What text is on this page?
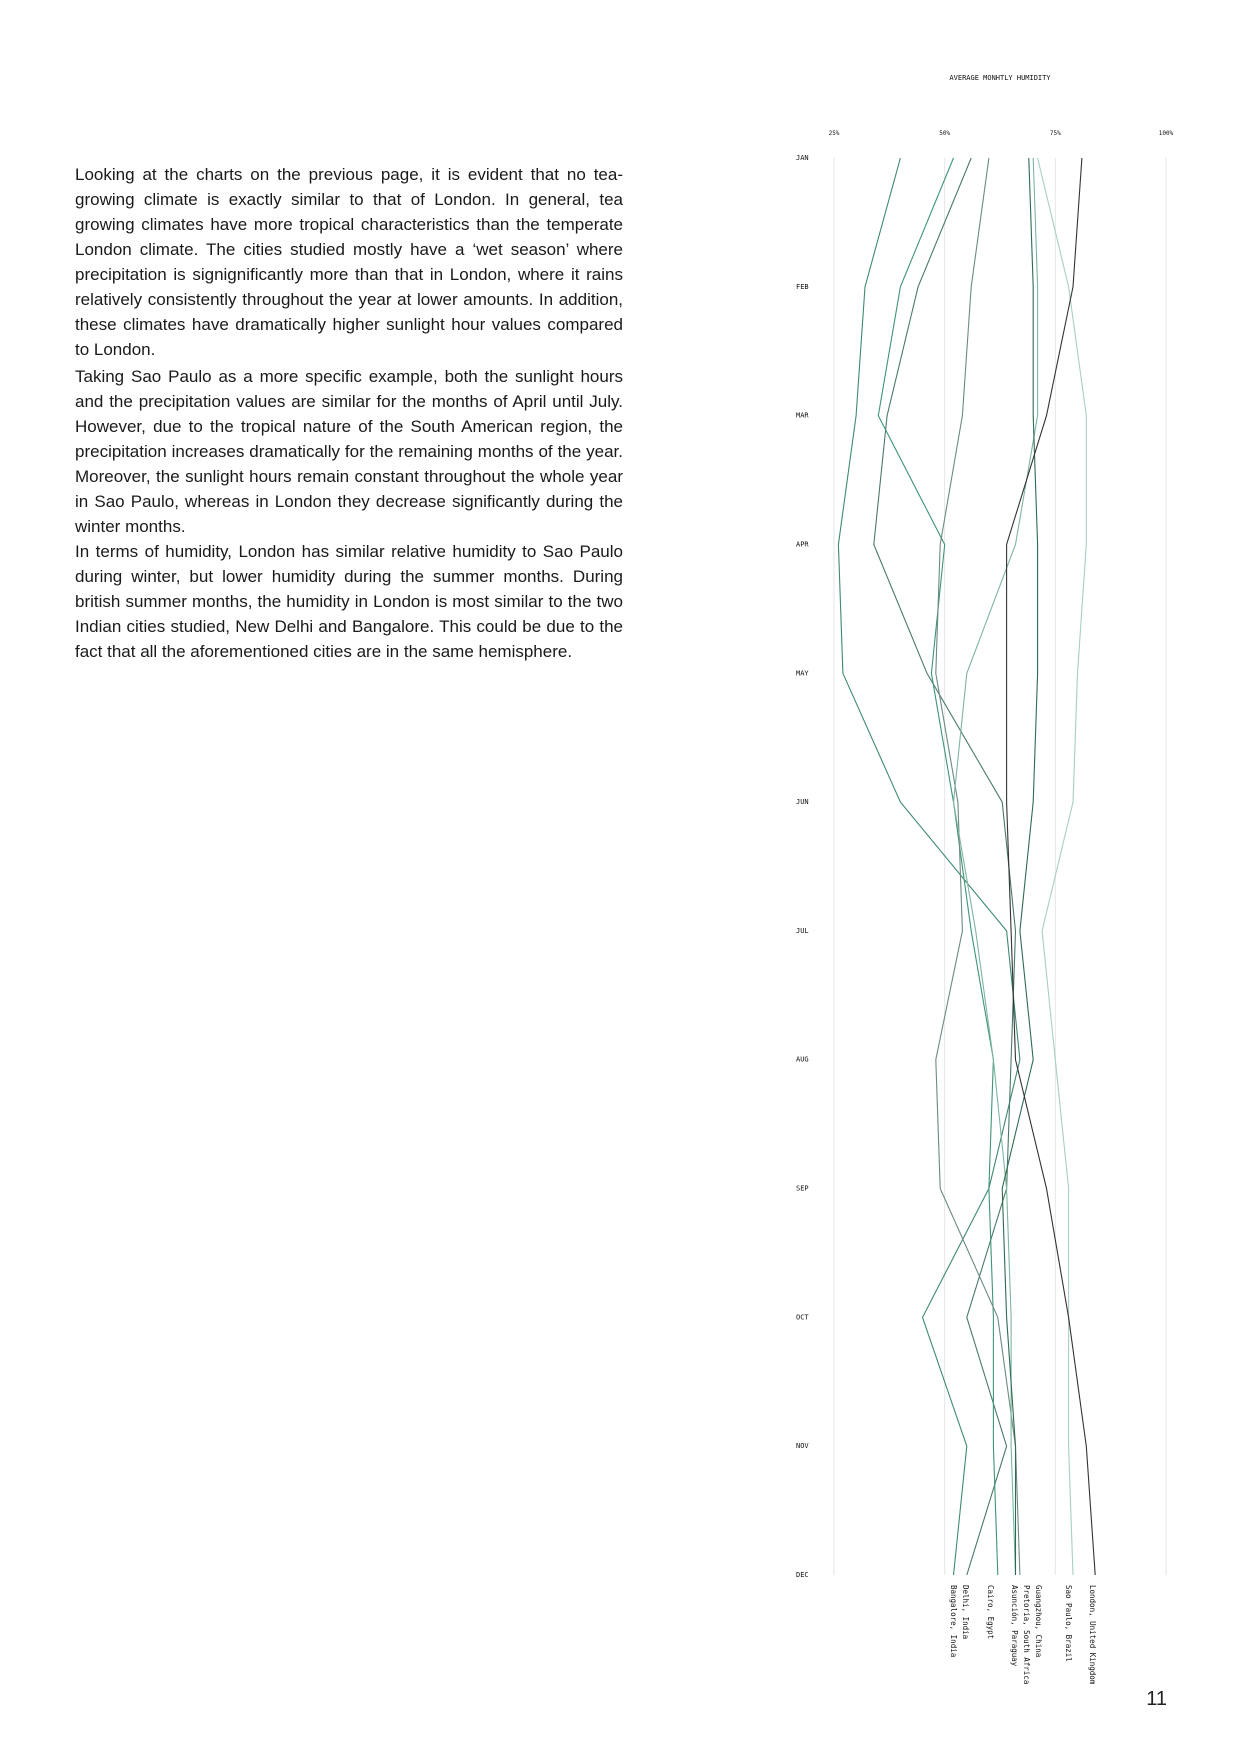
Looking at the charts on the previous page, it is evident that no tea-growing climate is exactly similar to that of London. In general, tea growing climates have more tropical characteristics than the temperate London climate. The cities studied mostly have a ‘wet season’ where precipitation is signignificantly more than that in London, where it rains relatively consistently throughout the year at lower amounts. In addition, these climates have dramatically higher sunlight hour values compared to London.

Taking Sao Paulo as a more specific example, both the sunlight hours and the precipitation values are similar for the months of April until July. However, due to the tropical nature of the South American region, the precipitation increases dramatically for the remaining months of the year. Moreover, the sunlight hours remain constant throughout the whole year in Sao Paulo, whereas in London they decrease significantly during the winter months.

In terms of humidity, London has similar relative humidity to Sao Paulo during winter, but lower humidity during the summer months. During british summer months, the humidity in London is most similar to the two Indian cities studied, New Delhi and Bangalore. This could be due to the fact that all the aforementioned cities are in the same hemisphere.

AVERAGE MONHTLY HUMIDITY
25%	50%	75%	100%
JAN
FEB
MAR
APR
MAY
JUN
JUL
AUG
SEP
OCT
NOV
DEC
Bangalore, India Delhi, India Cairo, Egypt Asunción, Paraguay Pretoria, South Africa Guangzhou, China	Sao Paulo, Brazil London, United Kingdom
11
